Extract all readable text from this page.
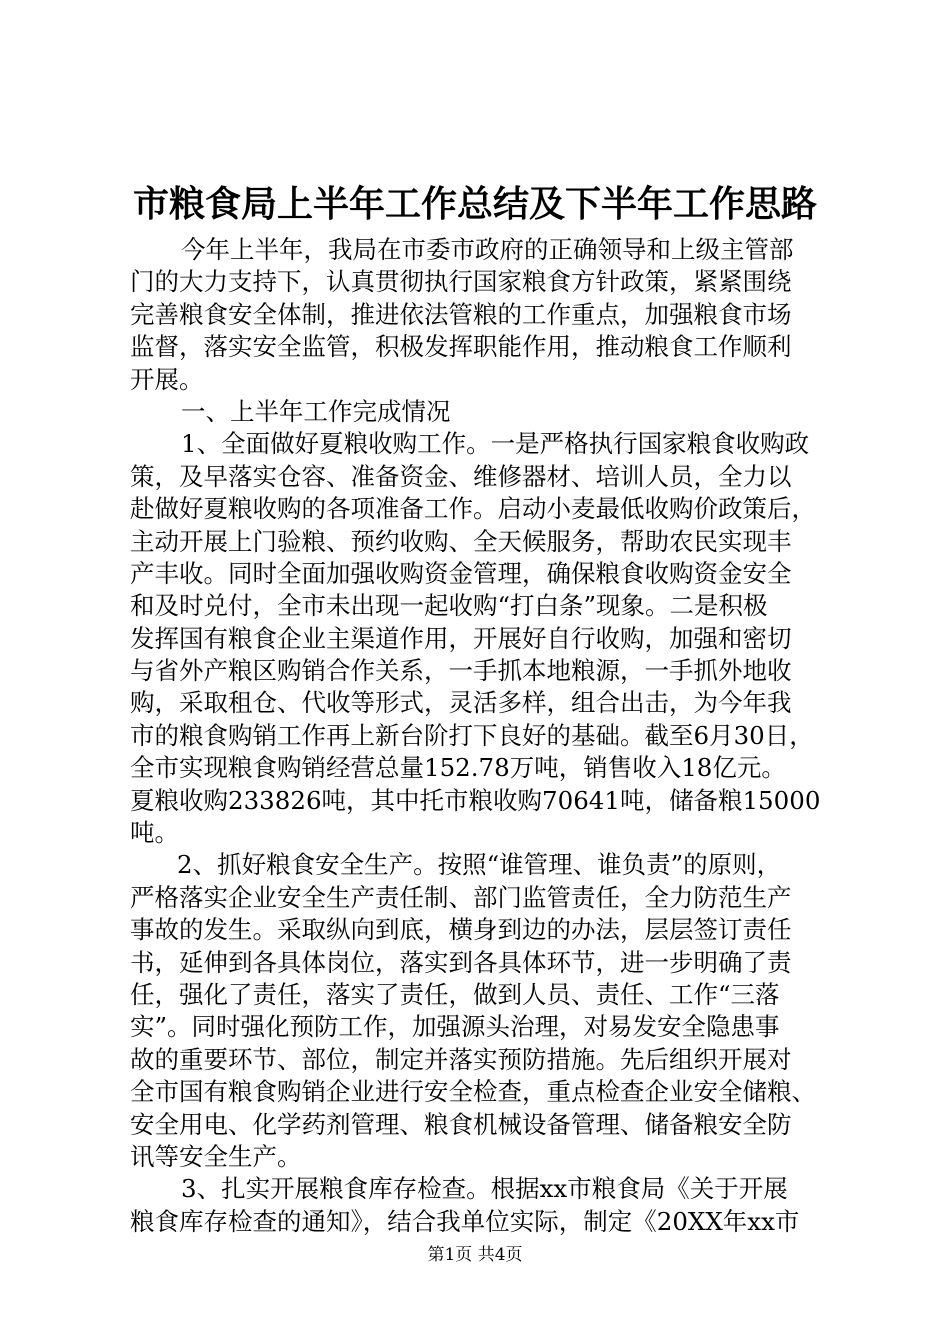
市粮食局上半年工作总结及下半年工作思路
今年上半年，我局在市委市政府的正确领导和上级主管部
门的大力支持下，认真贯彻执行国家粮食方针政策，紧紧围绕
完善粮食安全体制，推进依法管粮的工作重点，加强粮食市场
监督，落实安全监管，积极发挥职能作用，推动粮食工作顺利
开展。
一、上半年工作完成情况
1、全面做好夏粮收购工作。一是严格执行国家粮食收购政
策，及早落实仓容、准备资金、维修器材、培训人员，全力以
赴做好夏粮收购的各项准备工作。启动小麦最低收购价政策后，
主动开展上门验粮、预约收购、全天候服务，帮助农民实现丰
产丰收。同时全面加强收购资金管理，确保粮食收购资金安全
和及时兑付，全市未出现一起收购“打白条”现象。二是积极
发挥国有粮食企业主渠道作用，开展好自行收购，加强和密切
与省外产粮区购销合作关系，一手抓本地粮源，一手抓外地收
购，采取租仓、代收等形式，灵活多样，组合出击，为今年我
市的粮食购销工作再上新台阶打下良好的基础。截至6月30日，
全市实现粮食购销经营总量152.78万吨，销售收入18亿元。
夏粮收购233826吨，其中托市粮收购70641吨，储备粮15000
吨。
2、抓好粮食安全生产。按照“谁管理、谁负责”的原则，
严格落实企业安全生产责任制、部门监管责任，全力防范生产
事故的发生。采取纵向到底，横身到边的办法，层层签订责任
书，延伸到各具体岗位，落实到各具体环节，进一步明确了责
任，强化了责任，落实了责任，做到人员、责任、工作“三落
实”。同时强化预防工作，加强源头治理，对易发安全隐患事
故的重要环节、部位，制定并落实预防措施。先后组织开展对
全市国有粮食购销企业进行安全检查，重点检查企业安全储粮、
安全用电、化学药剂管理、粮食机械设备管理、储备粮安全防
讯等安全生产。
3、扎实开展粮食库存检查。根据xx市粮食局《关于开展
粮食库存检查的通知》，结合我单位实际，制定《20XX年xx市
第1页 共4页
